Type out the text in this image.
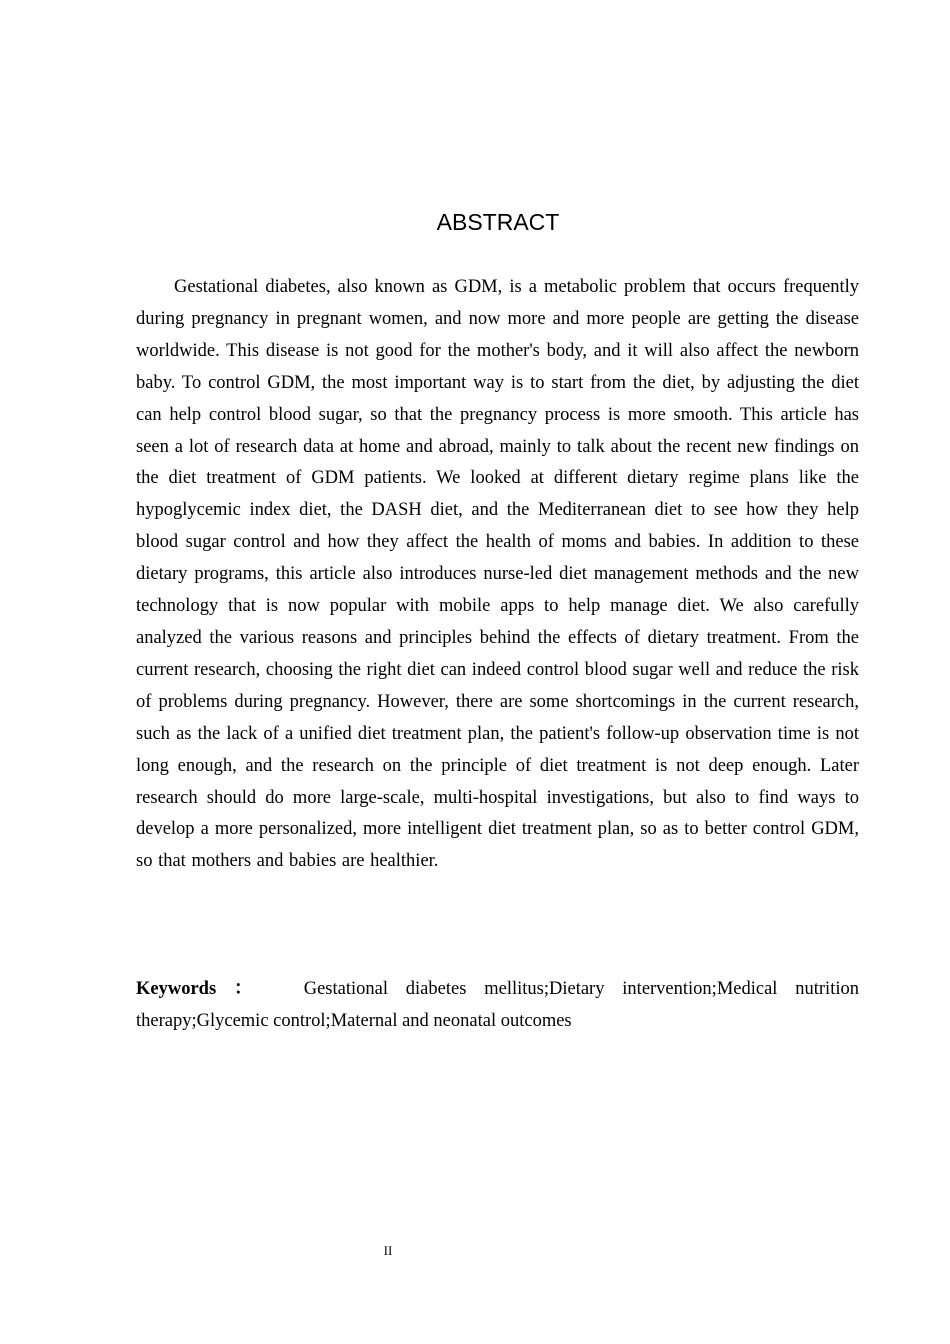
ABSTRACT

Gestational diabetes, also known as GDM, is a metabolic problem that occurs frequently during pregnancy in pregnant women, and now more and more people are getting the disease worldwide. This disease is not good for the mother's body, and it will also affect the newborn baby. To control GDM, the most important way is to start from the diet, by adjusting the diet can help control blood sugar, so that the pregnancy process is more smooth. This article has seen a lot of research data at home and abroad, mainly to talk about the recent new findings on the diet treatment of GDM patients. We looked at different dietary regime plans like the hypoglycemic index diet, the DASH diet, and the Mediterranean diet to see how they help blood sugar control and how they affect the health of moms and babies. In addition to these dietary programs, this article also introduces nurse-led diet management methods and the new technology that is now popular with mobile apps to help manage diet. We also carefully analyzed the various reasons and principles behind the effects of dietary treatment. From the current research, choosing the right diet can indeed control blood sugar well and reduce the risk of problems during pregnancy. However, there are some shortcomings in the current research, such as the lack of a unified diet treatment plan, the patient's follow-up observation time is not long enough, and the research on the principle of diet treatment is not deep enough. Later research should do more large-scale, multi-hospital investigations, but also to find ways to develop a more personalized, more intelligent diet treatment plan, so as to better control GDM, so that mothers and babies are healthier.

Keywords ： Gestational diabetes mellitus;Dietary intervention;Medical nutrition therapy;Glycemic control;Maternal and neonatal outcomes

II
